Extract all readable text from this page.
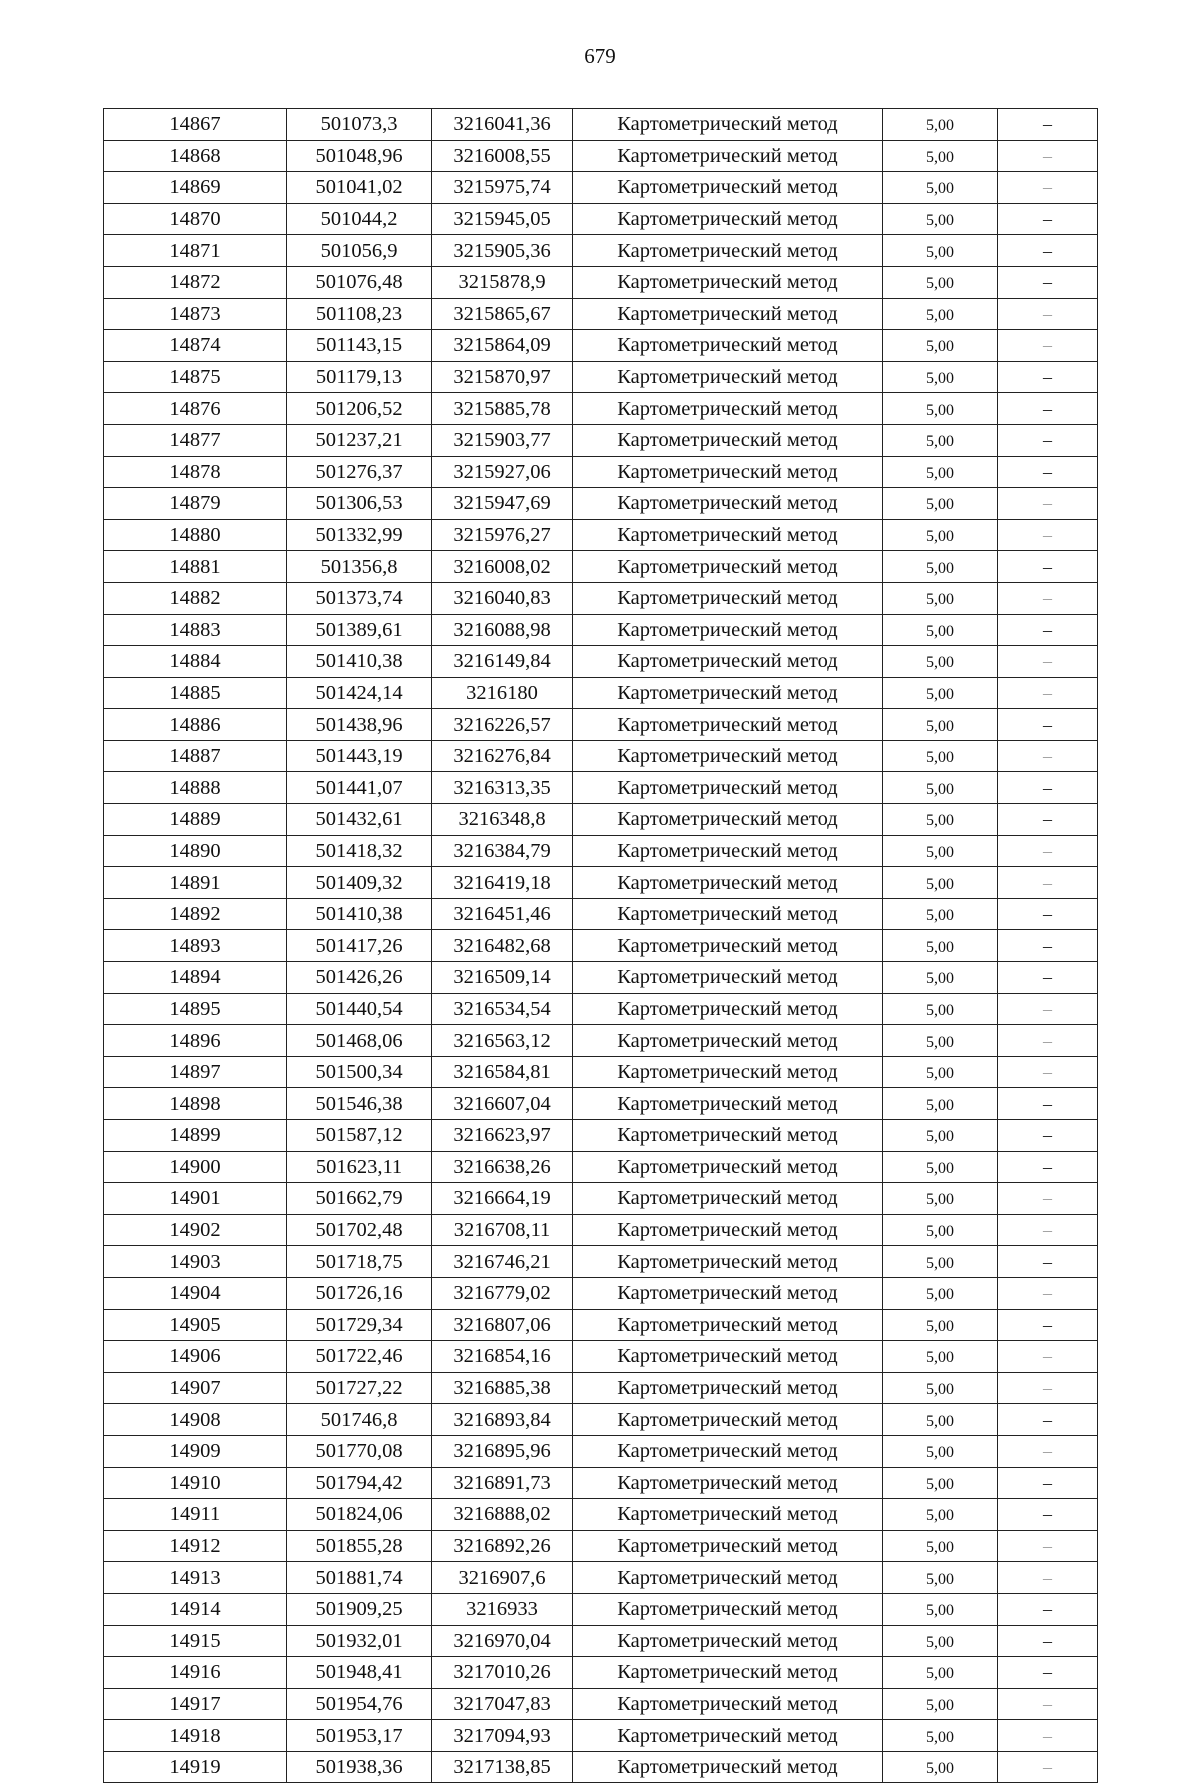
679
14867	501073,3	3216041,36	Картометрический метод	5,00	–
14868	501048,96	3216008,55	Картометрический метод	5,00	–
14869	501041,02	3215975,74	Картометрический метод	5,00	–
14870	501044,2	3215945,05	Картометрический метод	5,00	–
14871	501056,9	3215905,36	Картометрический метод	5,00	–
14872	501076,48	3215878,9	Картометрический метод	5,00	–
14873	501108,23	3215865,67	Картометрический метод	5,00	–
14874	501143,15	3215864,09	Картометрический метод	5,00	–
14875	501179,13	3215870,97	Картометрический метод	5,00	–
14876	501206,52	3215885,78	Картометрический метод	5,00	–
14877	501237,21	3215903,77	Картометрический метод	5,00	–
14878	501276,37	3215927,06	Картометрический метод	5,00	–
14879	501306,53	3215947,69	Картометрический метод	5,00	–
14880	501332,99	3215976,27	Картометрический метод	5,00	–
14881	501356,8	3216008,02	Картометрический метод	5,00	–
14882	501373,74	3216040,83	Картометрический метод	5,00	–
14883	501389,61	3216088,98	Картометрический метод	5,00	–
14884	501410,38	3216149,84	Картометрический метод	5,00	–
14885	501424,14	3216180	Картометрический метод	5,00	–
14886	501438,96	3216226,57	Картометрический метод	5,00	–
14887	501443,19	3216276,84	Картометрический метод	5,00	–
14888	501441,07	3216313,35	Картометрический метод	5,00	–
14889	501432,61	3216348,8	Картометрический метод	5,00	–
14890	501418,32	3216384,79	Картометрический метод	5,00	–
14891	501409,32	3216419,18	Картометрический метод	5,00	–
14892	501410,38	3216451,46	Картометрический метод	5,00	–
14893	501417,26	3216482,68	Картометрический метод	5,00	–
14894	501426,26	3216509,14	Картометрический метод	5,00	–
14895	501440,54	3216534,54	Картометрический метод	5,00	–
14896	501468,06	3216563,12	Картометрический метод	5,00	–
14897	501500,34	3216584,81	Картометрический метод	5,00	–
14898	501546,38	3216607,04	Картометрический метод	5,00	–
14899	501587,12	3216623,97	Картометрический метод	5,00	–
14900	501623,11	3216638,26	Картометрический метод	5,00	–
14901	501662,79	3216664,19	Картометрический метод	5,00	–
14902	501702,48	3216708,11	Картометрический метод	5,00	–
14903	501718,75	3216746,21	Картометрический метод	5,00	–
14904	501726,16	3216779,02	Картометрический метод	5,00	–
14905	501729,34	3216807,06	Картометрический метод	5,00	–
14906	501722,46	3216854,16	Картометрический метод	5,00	–
14907	501727,22	3216885,38	Картометрический метод	5,00	–
14908	501746,8	3216893,84	Картометрический метод	5,00	–
14909	501770,08	3216895,96	Картометрический метод	5,00	–
14910	501794,42	3216891,73	Картометрический метод	5,00	–
14911	501824,06	3216888,02	Картометрический метод	5,00	–
14912	501855,28	3216892,26	Картометрический метод	5,00	–
14913	501881,74	3216907,6	Картометрический метод	5,00	–
14914	501909,25	3216933	Картометрический метод	5,00	–
14915	501932,01	3216970,04	Картометрический метод	5,00	–
14916	501948,41	3217010,26	Картометрический метод	5,00	–
14917	501954,76	3217047,83	Картометрический метод	5,00	–
14918	501953,17	3217094,93	Картометрический метод	5,00	–
14919	501938,36	3217138,85	Картометрический метод	5,00	–
